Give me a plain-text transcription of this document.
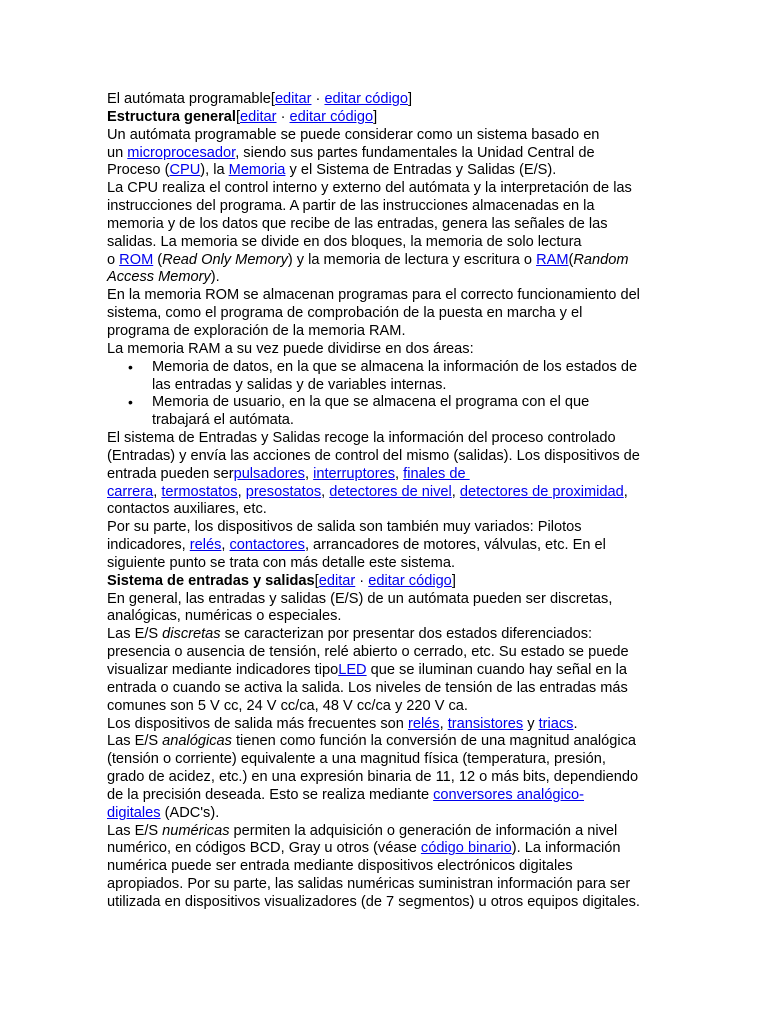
El autómata programable[editar · editar código]
Estructura general[editar · editar código]
Un autómata programable se puede considerar como un sistema basado en
un microprocesador, siendo sus partes fundamentales la Unidad Central de
Proceso (CPU), la Memoria y el Sistema de Entradas y Salidas (E/S).
La CPU realiza el control interno y externo del autómata y la interpretación de las
instrucciones del programa. A partir de las instrucciones almacenadas en la
memoria y de los datos que recibe de las entradas, genera las señales de las
salidas. La memoria se divide en dos bloques, la memoria de solo lectura
o ROM (Read Only Memory) y la memoria de lectura y escritura o RAM(Random
Access Memory).
En la memoria ROM se almacenan programas para el correcto funcionamiento del
sistema, como el programa de comprobación de la puesta en marcha y el
programa de exploración de la memoria RAM.
La memoria RAM a su vez puede dividirse en dos áreas:
• Memoria de datos, en la que se almacena la información de los estados de
las entradas y salidas y de variables internas.
• Memoria de usuario, en la que se almacena el programa con el que
trabajará el autómata.
El sistema de Entradas y Salidas recoge la información del proceso controlado
(Entradas) y envía las acciones de control del mismo (salidas). Los dispositivos de
entrada pueden serpulsadores, interruptores, finales de
carrera, termostatos, presostatos, detectores de nivel, detectores de proximidad,
contactos auxiliares, etc.
Por su parte, los dispositivos de salida son también muy variados: Pilotos
indicadores, relés, contactores, arrancadores de motores, válvulas, etc. En el
siguiente punto se trata con más detalle este sistema.
Sistema de entradas y salidas[editar · editar código]
En general, las entradas y salidas (E/S) de un autómata pueden ser discretas,
analógicas, numéricas o especiales.
Las E/S discretas se caracterizan por presentar dos estados diferenciados:
presencia o ausencia de tensión, relé abierto o cerrado, etc. Su estado se puede
visualizar mediante indicadores tipoLED que se iluminan cuando hay señal en la
entrada o cuando se activa la salida. Los niveles de tensión de las entradas más
comunes son 5 V cc, 24 V cc/ca, 48 V cc/ca y 220 V ca.
Los dispositivos de salida más frecuentes son relés, transistores y triacs.
Las E/S analógicas tienen como función la conversión de una magnitud analógica
(tensión o corriente) equivalente a una magnitud física (temperatura, presión,
grado de acidez, etc.) en una expresión binaria de 11, 12 o más bits, dependiendo
de la precisión deseada. Esto se realiza mediante conversores analógico-
digitales (ADC's).
Las E/S numéricas permiten la adquisición o generación de información a nivel
numérico, en códigos BCD, Gray u otros (véase código binario). La información
numérica puede ser entrada mediante dispositivos electrónicos digitales
apropiados. Por su parte, las salidas numéricas suministran información para ser
utilizada en dispositivos visualizadores (de 7 segmentos) u otros equipos digitales.
